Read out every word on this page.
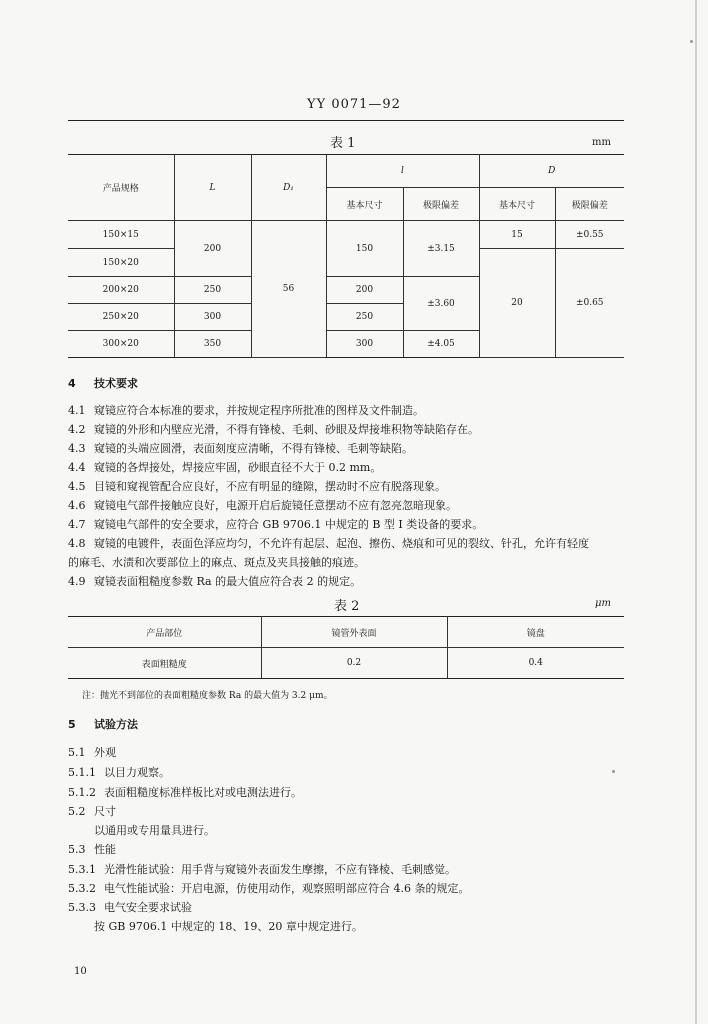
YY 0071—92
表 1	mm
产品规格	L	D₁	l		D	
			基本尺寸	极限偏差	基本尺寸	极限偏差
150×15	200	56	150	±3.15	15	±0.55
150×20					20	±0.65
200×20	250		200	±3.60		
250×20	300		250			
300×20	350		300	±4.05		
4 技术要求
4.1 窥镜应符合本标准的要求，并按规定程序所批准的图样及文件制造。
4.2 窥镜的外形和内壁应光滑，不得有锋棱、毛刺、砂眼及焊接堆积物等缺陷存在。
4.3 窥镜的头端应圆滑，表面刻度应清晰，不得有锋棱、毛刺等缺陷。
4.4 窥镜的各焊接处，焊接应牢固，砂眼直径不大于 0.2 mm。
4.5 目镜和窥视管配合应良好，不应有明显的缝隙，摆动时不应有脱落现象。
4.6 窥镜电气部件接触应良好，电源开启后旋镜任意摆动不应有忽亮忽暗现象。
4.7 窥镜电气部件的安全要求，应符合 GB 9706.1 中规定的 B 型 I 类设备的要求。
4.8 窥镜的电镀件，表面色泽应均匀，不允许有起层、起泡、擦伤、烧痕和可见的裂纹、针孔，允许有轻度
的麻毛、水渍和次要部位上的麻点、斑点及夹具接触的痕迹。
4.9 窥镜表面粗糙度参数 Ra 的最大值应符合表 2 的规定。
表 2	μm
产品部位	镜管外表面	镜盘
表面粗糙度	0.2	0.4
注：抛光不到部位的表面粗糙度参数 Ra 的最大值为 3.2 μm。
5 试验方法
5.1 外观
5.1.1 以目力观察。
5.1.2 表面粗糙度标准样板比对或电测法进行。
5.2 尺寸
以通用或专用量具进行。
5.3 性能
5.3.1 光滑性能试验：用手背与窥镜外表面发生摩擦，不应有锋棱、毛刺感觉。
5.3.2 电气性能试验：开启电源，仿使用动作，观察照明部应符合 4.6 条的规定。
5.3.3 电气安全要求试验
按 GB 9706.1 中规定的 18、19、20 章中规定进行。
10
